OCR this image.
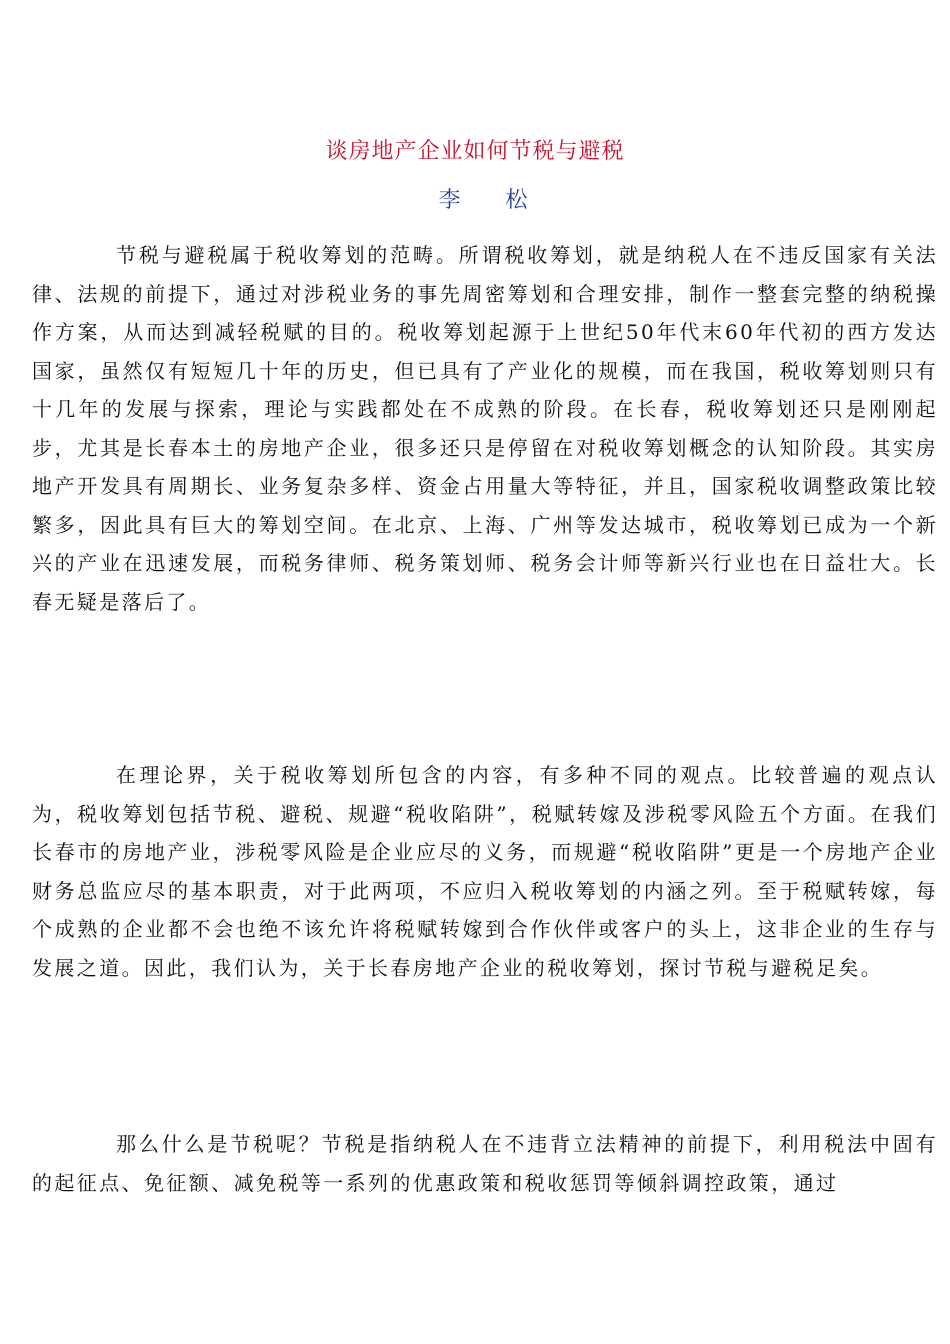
谈房地产企业如何节税与避税
李 松

节税与避税属于税收筹划的范畴。所谓税收筹划，就是纳税人在不违反国家有关法律、法规的前提下，通过对涉税业务的事先周密筹划和合理安排，制作一整套完整的纳税操作方案，从而达到减轻税赋的目的。税收筹划起源于上世纪50年代末60年代初的西方发达国家，虽然仅有短短几十年的历史，但已具有了产业化的规模，而在我国，税收筹划则只有十几年的发展与探索，理论与实践都处在不成熟的阶段。在长春，税收筹划还只是刚刚起步，尤其是长春本土的房地产企业，很多还只是停留在对税收筹划概念的认知阶段。其实房地产开发具有周期长、业务复杂多样、资金占用量大等特征，并且，国家税收调整政策比较繁多，因此具有巨大的筹划空间。在北京、上海、广州等发达城市，税收筹划已成为一个新兴的产业在迅速发展，而税务律师、税务策划师、税务会计师等新兴行业也在日益壮大。长春无疑是落后了。

在理论界，关于税收筹划所包含的内容，有多种不同的观点。比较普遍的观点认为，税收筹划包括节税、避税、规避“税收陷阱”，税赋转嫁及涉税零风险五个方面。在我们长春市的房地产业，涉税零风险是企业应尽的义务，而规避“税收陷阱”更是一个房地产企业财务总监应尽的基本职责，对于此两项，不应归入税收筹划的内涵之列。至于税赋转嫁，每个成熟的企业都不会也绝不该允许将税赋转嫁到合作伙伴或客户的头上，这非企业的生存与发展之道。因此，我们认为，关于长春房地产企业的税收筹划，探讨节税与避税足矣。

那么什么是节税呢？节税是指纳税人在不违背立法精神的前提下，利用税法中固有的起征点、免征额、减免税等一系列的优惠政策和税收惩罚等倾斜调控政策，通过
